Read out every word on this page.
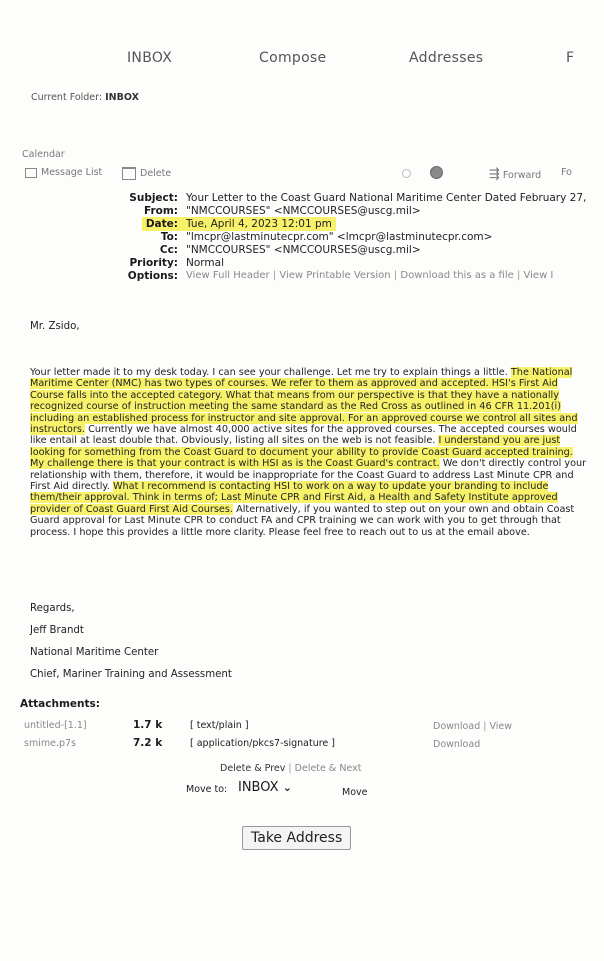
INBOX	Compose	Addresses	F
Current Folder: INBOX
Calendar
Message List	Delete	⇶ Forward Fo
Subject: Your Letter to the Coast Guard National Maritime Center Dated February 27,
From: "NMCCOURSES" <NMCCOURSES@uscg.mil>
Date: Tue, April 4, 2023 12:01 pm
To: "lmcpr@lastminutecpr.com" <lmcpr@lastminutecpr.com>
Cc: "NMCCOURSES" <NMCCOURSES@uscg.mil>
Priority: Normal
Options: View Full Header | View Printable Version | Download this as a file | View I
Mr. Zsido,
Your letter made it to my desk today. I can see your challenge. Let me try to explain things a little. The National Maritime Center (NMC) has two types of courses. We refer to them as approved and accepted. HSI's First Aid Course falls into the accepted category. What that means from our perspective is that they have a nationally recognized course of instruction meeting the same standard as the Red Cross as outlined in 46 CFR 11.201(i) including an established process for instructor and site approval. For an approved course we control all sites and instructors. Currently we have almost 40,000 active sites for the approved courses. The accepted courses would like entail at least double that. Obviously, listing all sites on the web is not feasible. I understand you are just looking for something from the Coast Guard to document your ability to provide Coast Guard accepted training. My challenge there is that your contract is with HSI as is the Coast Guard's contract. We don't directly control your relationship with them, therefore, it would be inappropriate for the Coast Guard to address Last Minute CPR and First Aid directly. What I recommend is contacting HSI to work on a way to update your branding to include them/their approval. Think in terms of; Last Minute CPR and First Aid, a Health and Safety Institute approved provider of Coast Guard First Aid Courses. Alternatively, if you wanted to step out on your own and obtain Coast Guard approval for Last Minute CPR to conduct FA and CPR training we can work with you to get through that process. I hope this provides a little more clarity. Please feel free to reach out to us at the email above.
Regards,
Jeff Brandt
National Maritime Center
Chief, Mariner Training and Assessment
Attachments:
untitled-[1.1]	1.7 k	[ text/plain ]	Download | View
smime.p7s	7.2 k	[ application/pkcs7-signature ]	Download
Delete & Prev | Delete & Next
Move to: INBOX ⌄	Move
Take Address
